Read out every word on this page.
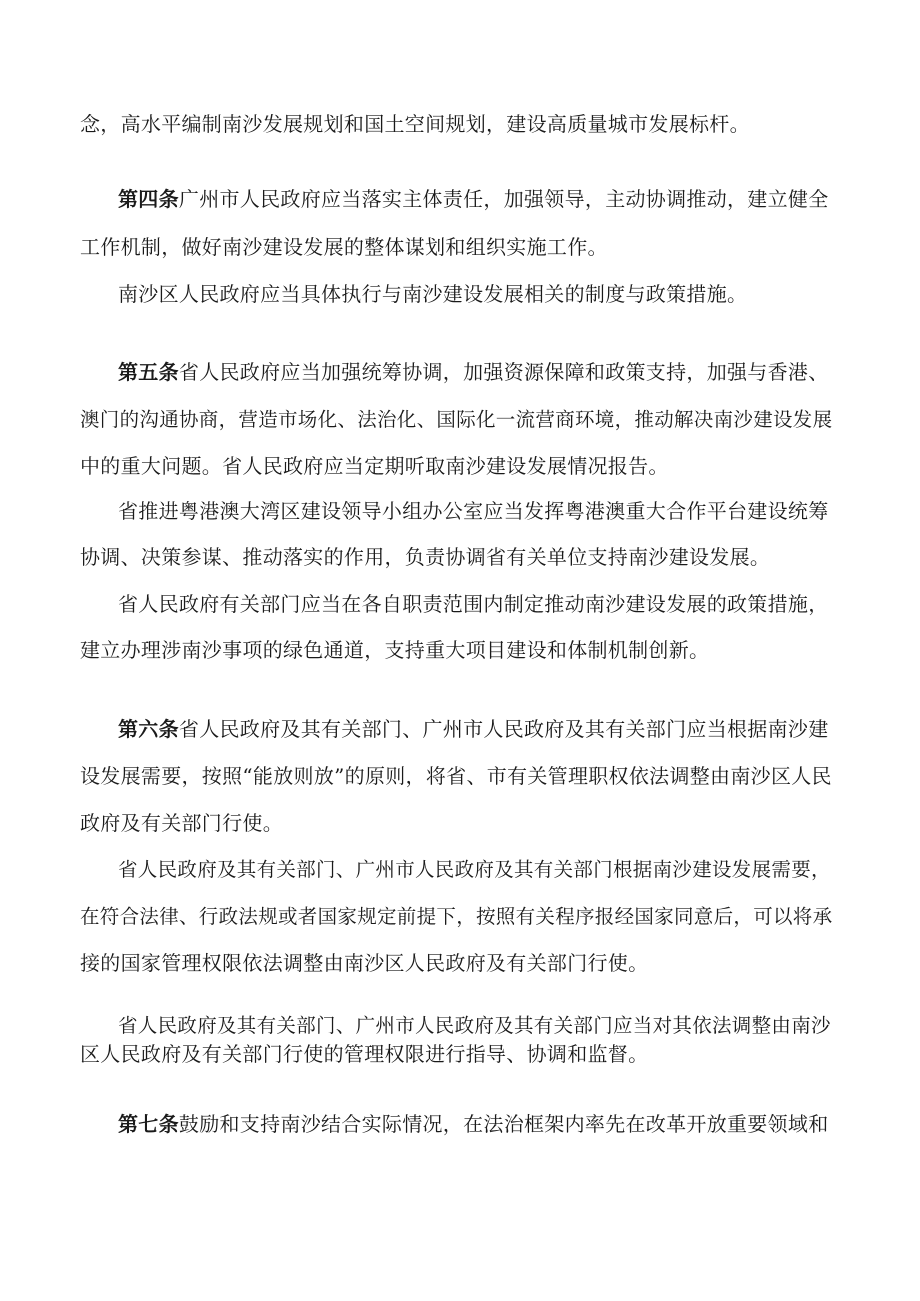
念，高水平编制南沙发展规划和国土空间规划，建设高质量城市发展标杆。
第四条广州市人民政府应当落实主体责任，加强领导，主动协调推动，建立健全
工作机制，做好南沙建设发展的整体谋划和组织实施工作。
南沙区人民政府应当具体执行与南沙建设发展相关的制度与政策措施。
第五条省人民政府应当加强统筹协调，加强资源保障和政策支持，加强与香港、
澳门的沟通协商，营造市场化、法治化、国际化一流营商环境，推动解决南沙建设发展
中的重大问题。省人民政府应当定期听取南沙建设发展情况报告。
省推进粤港澳大湾区建设领导小组办公室应当发挥粤港澳重大合作平台建设统筹
协调、决策参谋、推动落实的作用，负责协调省有关单位支持南沙建设发展。
省人民政府有关部门应当在各自职责范围内制定推动南沙建设发展的政策措施，
建立办理涉南沙事项的绿色通道，支持重大项目建设和体制机制创新。
第六条省人民政府及其有关部门、广州市人民政府及其有关部门应当根据南沙建
设发展需要，按照“能放则放”的原则，将省、市有关管理职权依法调整由南沙区人民
政府及有关部门行使。
省人民政府及其有关部门、广州市人民政府及其有关部门根据南沙建设发展需要，
在符合法律、行政法规或者国家规定前提下，按照有关程序报经国家同意后，可以将承
接的国家管理权限依法调整由南沙区人民政府及有关部门行使。
省人民政府及其有关部门、广州市人民政府及其有关部门应当对其依法调整由南沙
区人民政府及有关部门行使的管理权限进行指导、协调和监督。
第七条鼓励和支持南沙结合实际情况，在法治框架内率先在改革开放重要领域和
